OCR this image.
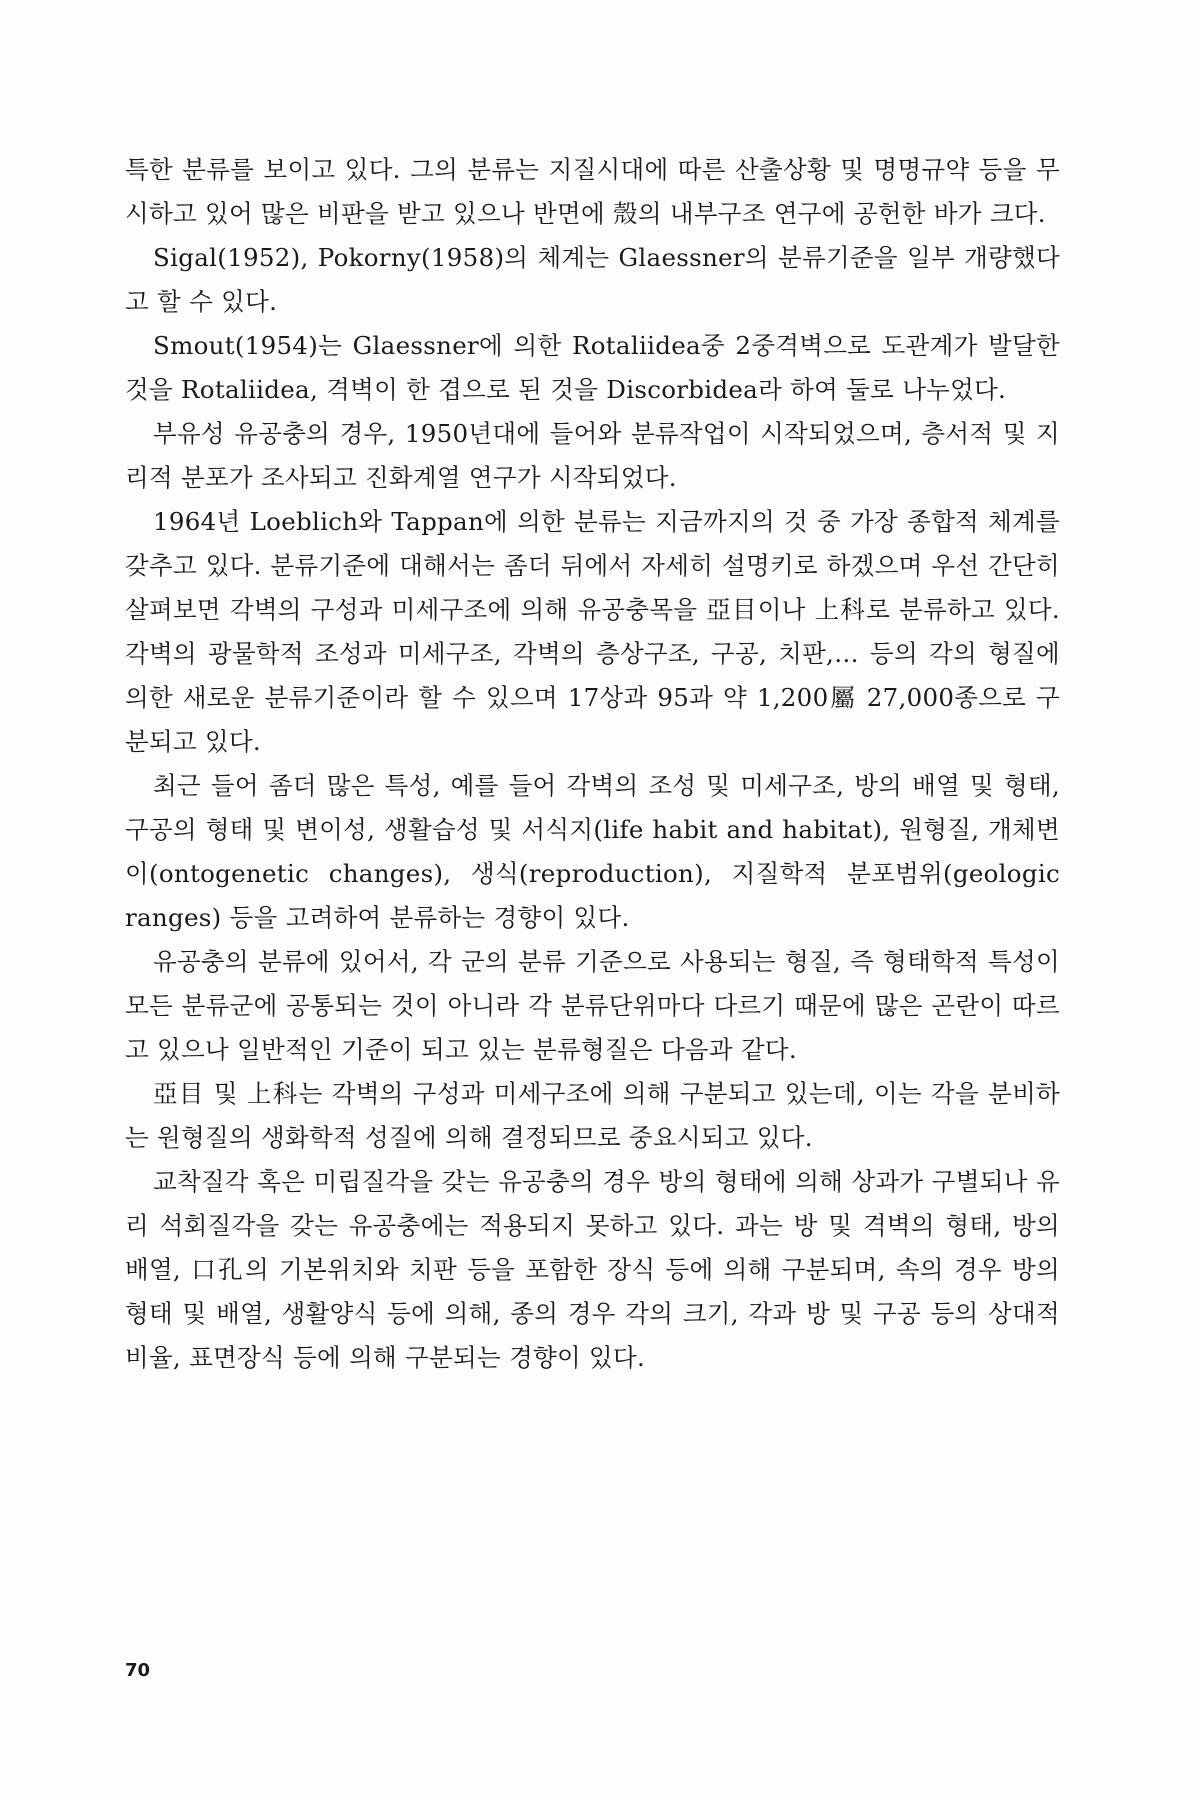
특한 분류를 보이고 있다. 그의 분류는 지질시대에 따른 산출상황 및 명명규약 등을 무시하고 있어 많은 비판을 받고 있으나 반면에 殼의 내부구조 연구에 공헌한 바가 크다.

Sigal(1952), Pokorny(1958)의 체계는 Glaessner의 분류기준을 일부 개량했다고 할 수 있다.

Smout(1954)는 Glaessner에 의한 Rotaliidea중 2중격벽으로 도관계가 발달한 것을 Rotaliidea, 격벽이 한 겹으로 된 것을 Discorbidea라 하여 둘로 나누었다.

부유성 유공충의 경우, 1950년대에 들어와 분류작업이 시작되었으며, 층서적 및 지리적 분포가 조사되고 진화계열 연구가 시작되었다.

1964년 Loeblich와 Tappan에 의한 분류는 지금까지의 것 중 가장 종합적 체계를 갖추고 있다. 분류기준에 대해서는 좀더 뒤에서 자세히 설명키로 하겠으며 우선 간단히 살펴보면 각벽의 구성과 미세구조에 의해 유공충목을 亞目이나 上科로 분류하고 있다. 각벽의 광물학적 조성과 미세구조, 각벽의 층상구조, 구공, 치판,… 등의 각의 형질에 의한 새로운 분류기준이라 할 수 있으며 17상과 95과 약 1,200屬 27,000종으로 구분되고 있다.

최근 들어 좀더 많은 특성, 예를 들어 각벽의 조성 및 미세구조, 방의 배열 및 형태, 구공의 형태 및 변이성, 생활습성 및 서식지(life habit and habitat), 원형질, 개체변이(ontogenetic changes), 생식(reproduction), 지질학적 분포범위(geologic ranges) 등을 고려하여 분류하는 경향이 있다.

유공충의 분류에 있어서, 각 군의 분류 기준으로 사용되는 형질, 즉 형태학적 특성이 모든 분류군에 공통되는 것이 아니라 각 분류단위마다 다르기 때문에 많은 곤란이 따르고 있으나 일반적인 기준이 되고 있는 분류형질은 다음과 같다.

亞目 및 上科는 각벽의 구성과 미세구조에 의해 구분되고 있는데, 이는 각을 분비하는 원형질의 생화학적 성질에 의해 결정되므로 중요시되고 있다.

교착질각 혹은 미립질각을 갖는 유공충의 경우 방의 형태에 의해 상과가 구별되나 유리 석회질각을 갖는 유공충에는 적용되지 못하고 있다. 과는 방 및 격벽의 형태, 방의 배열, 口孔의 기본위치와 치판 등을 포함한 장식 등에 의해 구분되며, 속의 경우 방의 형태 및 배열, 생활양식 등에 의해, 종의 경우 각의 크기, 각과 방 및 구공 등의 상대적 비율, 표면장식 등에 의해 구분되는 경향이 있다.

70
